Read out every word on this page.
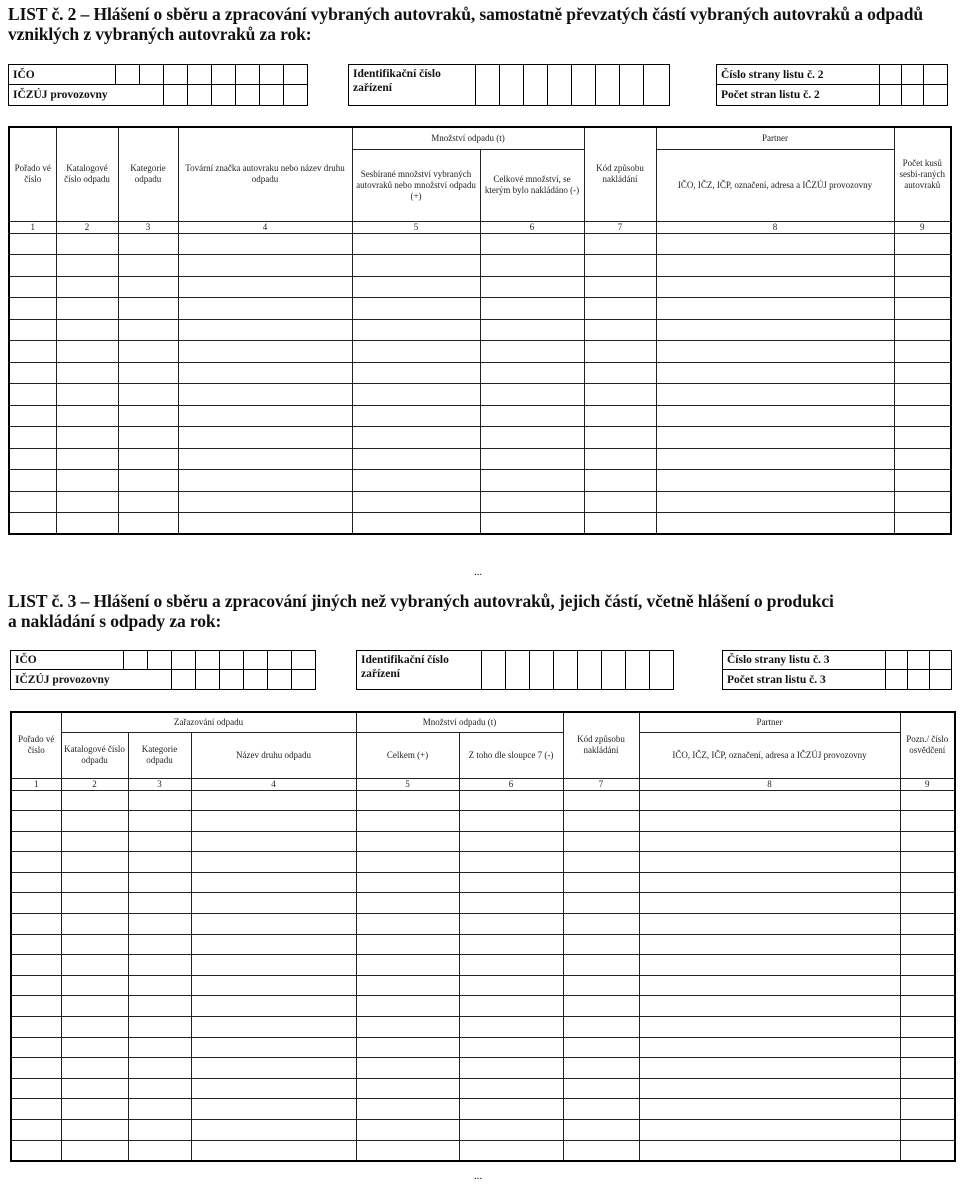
LIST č. 2 – Hlášení o sběru a zpracování vybraných autovraků, samostatně převzatých částí vybraných autovraků a odpadů
vzniklých z vybraných autovraků za rok:
IČO
IČZÚJ provozovny
Identifikační číslo
zařízení
Číslo strany listu č. 2
Počet stran listu č. 2
Pořado vé číslo	Katalogové číslo odpadu	Kategorie odpadu	Tovární značka autovraku nebo název druhu odpadu	Množství odpadu (t)		Kód způsobu nakládání	Partner	Počet kusů sesbí-raných autovraků
				Sesbírané množství vybraných autovraků nebo množství odpadu (+)	Celkové množství, se kterým bylo nakládáno (-)		IČO, IČZ, IČP, označení, adresa a IČZÚJ provozovny	
1	2	3	4	5	6	7	8	9

...
LIST č. 3 – Hlášení o sběru a zpracování jiných než vybraných autovraků, jejich částí, včetně hlášení o produkci
a nakládání s odpady za rok:
IČO
IČZÚJ provozovny
Identifikační číslo
zařízení
Číslo strany listu č. 3
Počet stran listu č. 3
Pořado vé číslo	Zařazování odpadu			Množství odpadu (t)		Kód způsobu nakládání	Partner	Pozn./ číslo osvědčení
	Katalogové číslo odpadu	Kategorie odpadu	Název druhu odpadu	Celkem (+)	Z toho dle sloupce 7 (-)		IČO, IČZ, IČP, označení, adresa a IČZÚJ provozovny	
1	2	3	4	5	6	7	8	9

...
